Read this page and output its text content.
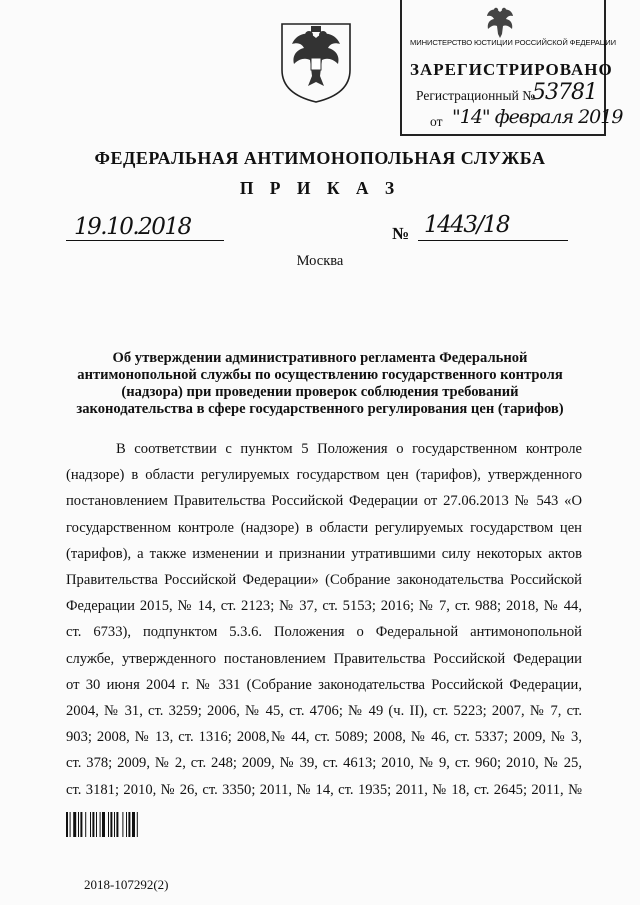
МИНИСТЕРСТВО ЮСТИЦИИ РОССИЙСКОЙ ФЕДЕРАЦИИ
ЗАРЕГИСТРИРОВАНО
Регистрационный №
53781
от "14" февраля 2019
ФЕДЕРАЛЬНАЯ АНТИМОНОПОЛЬНАЯ СЛУЖБА
П Р И К А З
19.10.2018	№ 1443/18
Москва
Об утверждении административного регламента Федеральной
антимонопольной службы по осуществлению государственного контроля
(надзора) при проведении проверок соблюдения требований
законодательства в сфере государственного регулирования цен (тарифов)
В соответствии с пунктом 5 Положения о государственном контроле
(надзоре) в области регулируемых государством цен (тарифов), утвержденного
постановлением Правительства Российской Федерации от 27.06.2013 № 543 «О
государственном контроле (надзоре) в области регулируемых государством цен
(тарифов), а также изменении и признании утратившими силу некоторых актов
Правительства Российской Федерации» (Собрание законодательства Российской
Федерации 2015, № 14, ст. 2123; № 37, ст. 5153; 2016; № 7, ст. 988; 2018, № 44,
ст. 6733), подпунктом 5.3.6. Положения о Федеральной антимонопольной
службе, утвержденного постановлением Правительства Российской Федерации
от 30 июня 2004 г. № 331 (Собрание законодательства Российской Федерации,
2004, № 31, ст. 3259; 2006, № 45, ст. 4706; № 49 (ч. II), ст. 5223; 2007, № 7, ст.
903; 2008, № 13, ст. 1316; 2008,№ 44, ст. 5089; 2008, № 46, ст. 5337; 2009, № 3,
ст. 378; 2009, № 2, ст. 248; 2009, № 39, ст. 4613; 2010, № 9, ст. 960; 2010, № 25,
ст. 3181; 2010, № 26, ст. 3350; 2011, № 14, ст. 1935; 2011, № 18, ст. 2645; 2011, №
2018-107292(2)
